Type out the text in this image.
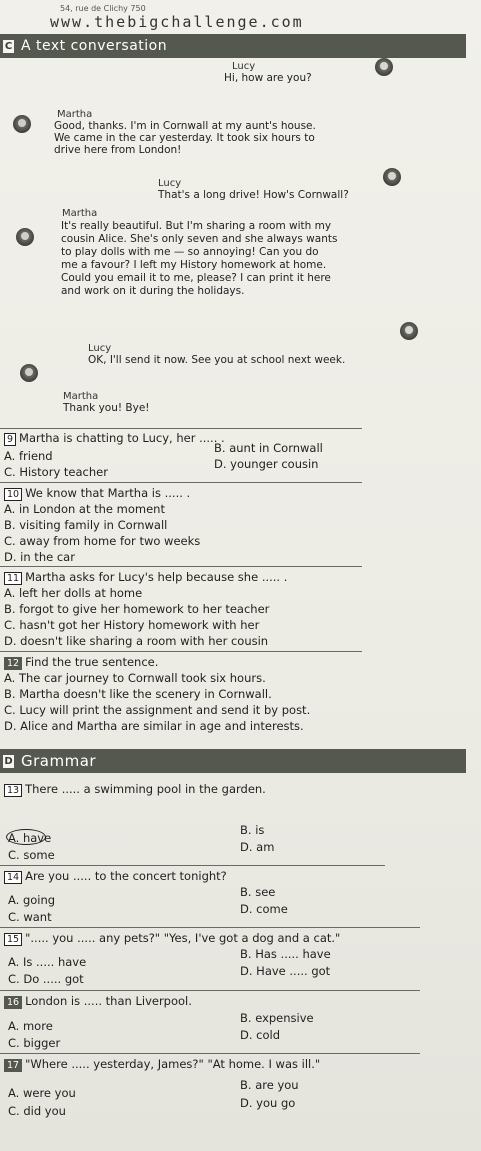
54, rue de Clichy 750
www.thebigchallenge.com
C A text conversation
Lucy
Hi, how are you?
Martha
Good, thanks. I'm in Cornwall at my aunt's house.
We came in the car yesterday. It took six hours to
drive here from London!
Lucy
That's a long drive! How's Cornwall?
Martha
It's really beautiful. But I'm sharing a room with my
cousin Alice. She's only seven and she always wants
to play dolls with me — so annoying! Can you do
me a favour? I left my History homework at home.
Could you email it to me, please? I can print it here
and work on it during the holidays.
Lucy
OK, I'll send it now. See you at school next week.
Martha
Thank you! Bye!
9 Martha is chatting to Lucy, her ..... .
A. friend
B. aunt in Cornwall
C. History teacher
D. younger cousin
10 We know that Martha is ..... .
A. in London at the moment
B. visiting family in Cornwall
C. away from home for two weeks
D. in the car
11 Martha asks for Lucy's help because she ..... .
A. left her dolls at home
B. forgot to give her homework to her teacher
C. hasn't got her History homework with her
D. doesn't like sharing a room with her cousin
12 Find the true sentence.
A. The car journey to Cornwall took six hours.
B. Martha doesn't like the scenery in Cornwall.
C. Lucy will print the assignment and send it by post.
D. Alice and Martha are similar in age and interests.
D Grammar
13 There ..... a swimming pool in the garden.
A. have
B. is
C. some
D. am
14 Are you ..... to the concert tonight?
A. going
B. see
C. want
D. come
15 "..... you ..... any pets?" "Yes, I've got a dog and a cat."
A. Is ..... have
B. Has ..... have
C. Do ..... got
D. Have ..... got
16 London is ..... than Liverpool.
A. more
B. expensive
C. bigger
D. cold
17 "Where ..... yesterday, James?" "At home. I was ill."
A. were you
B. are you
C. did you
D. you go
